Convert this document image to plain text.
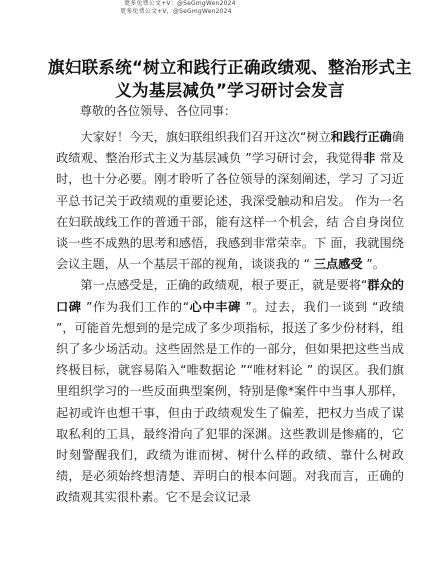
更多免费公文+V：@SeGmgWen2024
更多免费公文+V，@SeGmgWen2024
旗妇联系统“树立和践行正确政绩观、整治形式主义为基层减负”学习研讨会发言
尊敬的各位领导、各位同事：

大家好！今天，旗妇联组织我们召开这次“树立和践行正确确政绩观、整治形式主义为基层减负 ”学习研讨会，我觉得非 常及时，也十分必要。刚才聆听了各位领导的深刻阐述，学习 了习近平总书记关于政绩观的重要论述，我深受触动和启发。 作为一名在妇联战线工作的普通干部，能有这样一个机会，结 合自身岗位谈一些不成熟的思考和感悟，我感到非常荣幸。下 面，我就围绕会议主题，从一个基层干部的视角，谈谈我的 “ 三点感受 ”。

第一点感受是，正确的政绩观，根子要正，就是要将“群众的口碑 ”作为我们工作的“心中丰碑 ”。过去，我们一谈到 “政绩 ”，可能首先想到的是完成了多少项指标，报送了多少份材料，组织了多少场活动。这些固然是工作的一部分，但如果把这些当成终极目标，就容易陷入“唯数据论 ”“唯材料论 ” 的误区。我们旗里组织学习的一些反面典型案例，特别是像*案件中当事人那样，起初或许也想干事，但由于政绩观发生了偏差，把权力当成了谋取私利的工具，最终滑向了犯罪的深渊。这些教训是惨痛的，它时刻警醒我们，政绩为谁而树、树什么样的政绩、靠什么树政绩，是必须始终想清楚、弄明白的根本问题。对我而言，正确的政绩观其实很朴素。它不是会议记录
